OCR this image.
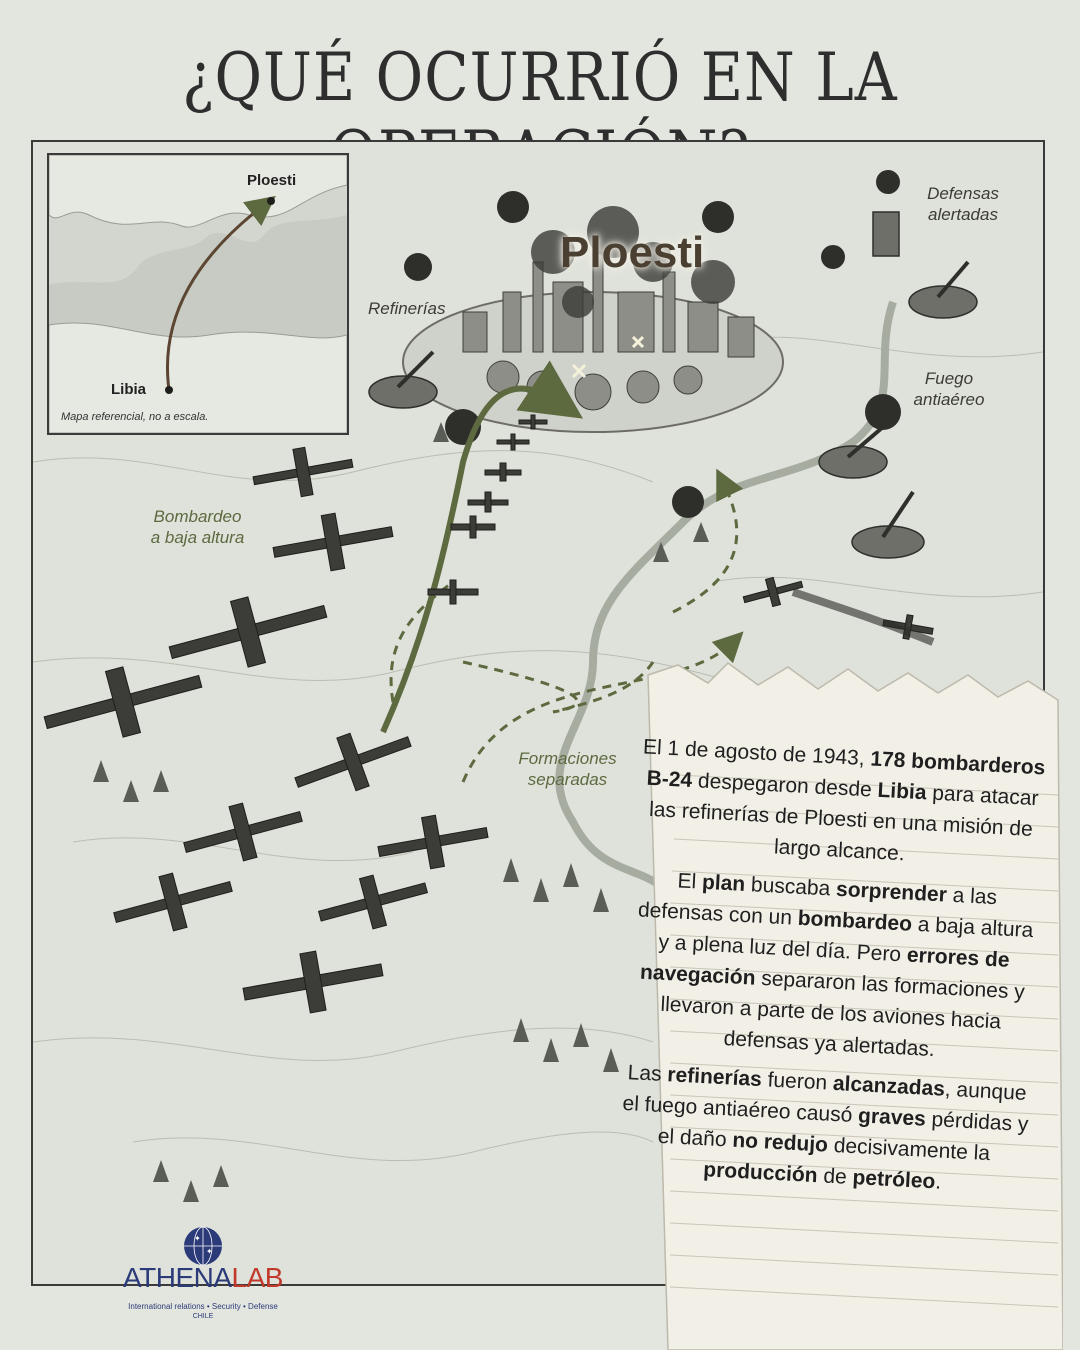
¿QUÉ OCURRIÓ EN LA
Ploesti
Refinerías
Defensas
alertadas
Fuego
antiaéreo
Bombardeo
a baja altura
Formaciones
separadas
Ploesti
Libia
Mapa referencial, no a escala.

El 1 de agosto de 1943, 178 bombarderos B-24 despegaron desde Libia para atacar las refinerías de Ploesti en una misión de largo alcance.

El plan buscaba sorprender a las defensas con un bombardeo a baja altura y a plena luz del día. Pero errores de navegación separaron las formaciones y llevaron a parte de los aviones hacia defensas ya alertadas.

Las refinerías fueron alcanzadas, aunque el fuego antiaéreo causó graves pérdidas y el daño no redujo decisivamente la producción de petróleo.

✦
✦
ATHENALAB
International relations • Security • Defense
CHILE
